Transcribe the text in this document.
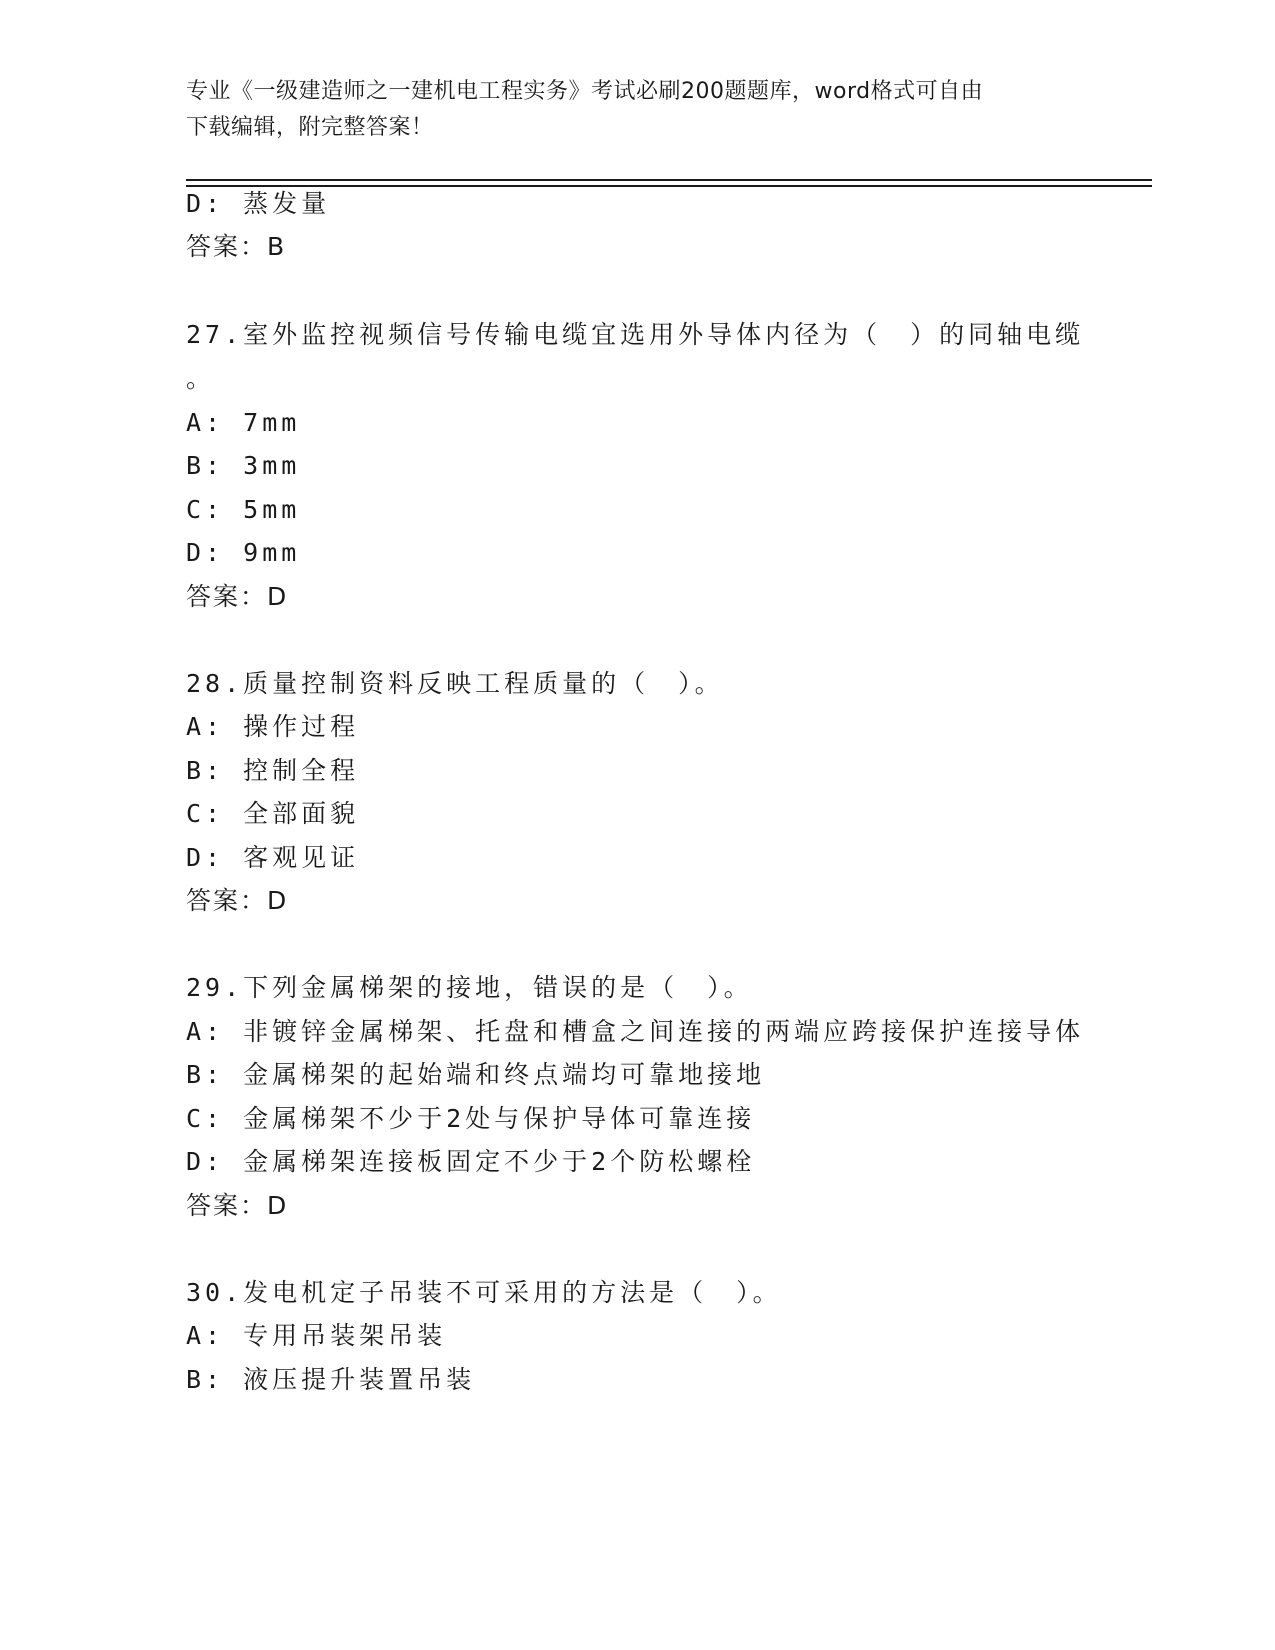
专业《一级建造师之一建机电工程实务》考试必刷200题题库，word格式可自由
下载编辑，附完整答案！
D: 蒸发量
答案：B
27.室外监控视频信号传输电缆宜选用外导体内径为（　）的同轴电缆
。
A: 7mm
B: 3mm
C: 5mm
D: 9mm
答案：D
28.质量控制资料反映工程质量的（　）。
A: 操作过程
B: 控制全程
C: 全部面貌
D: 客观见证
答案：D
29.下列金属梯架的接地，错误的是（　）。
A: 非镀锌金属梯架、托盘和槽盒之间连接的两端应跨接保护连接导体
B: 金属梯架的起始端和终点端均可靠地接地
C: 金属梯架不少于2处与保护导体可靠连接
D: 金属梯架连接板固定不少于2个防松螺栓
答案：D
30.发电机定子吊装不可采用的方法是（　）。
A: 专用吊装架吊装
B: 液压提升装置吊装
